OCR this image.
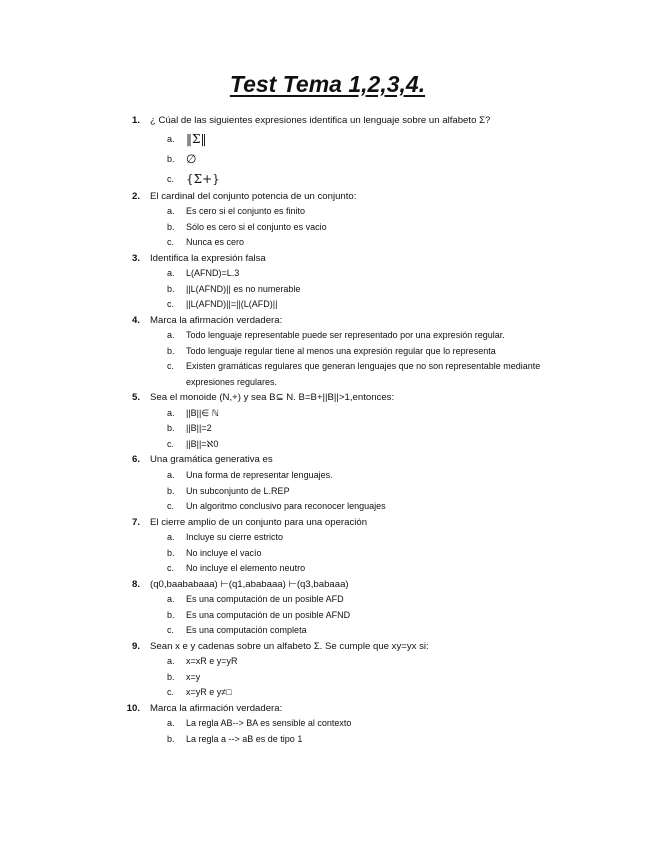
Test Tema 1,2,3,4.
1. ¿ Cúal de las siguientes expresiones identifica un lenguaje sobre un alfabeto Σ?
a. ‖Σ‖
b. ∅
c. {Σ+}
2. El cardinal del conjunto potencia de un conjunto:
a. Es cero si el conjunto es finito
b. Sólo es cero si el conjunto es vacio
c. Nunca es cero
3. Identifica la expresión falsa
a. L(AFND)=L.3
b. ||L(AFND)|| es no numerable
c. ||L(AFND)||=||(L(AFD)||
4. Marca la afirmación verdadera:
a. Todo lenguaje representable puede ser representado por una expresión regular.
b. Todo lenguaje regular tiene al menos una expresión regular que lo representa
c. Existen gramáticas regulares que generan lenguajes que no son representable mediante expresiones regulares.
5. Sea el monoide (N,+) y sea B⊆ N. B=B+||B||>1,entonces:
a. ||B||∈ ℕ
b. ||B||=2
c. ||B||=ℵ0
6. Una gramática generativa es
a. Una forma de representar lenguajes.
b. Un subconjunto de L.REP
c. Un algoritmo conclusivo para reconocer lenguajes
7. El cierre amplio de un conjunto para una operación
a. Incluye su cierre estricto
b. No incluye el vacío
c. No incluye el elemento neutro
8. (q0,baababaaa) ⊢(q1,ababaaa) ⊢(q3,babaaa)
a. Es una computación de un posible AFD
b. Es una computación de un posible AFND
c. Es una computación completa
9. Sean x e y cadenas sobre un alfabeto Σ. Se cumple que xy=yx si:
a. x=xR e y=yR
b. x=y
c. x=yR e y≠□
10. Marca la afirmación verdadera:
a. La regla AB--> BA es sensible al contexto
b. La regla a --> aB es de tipo 1
